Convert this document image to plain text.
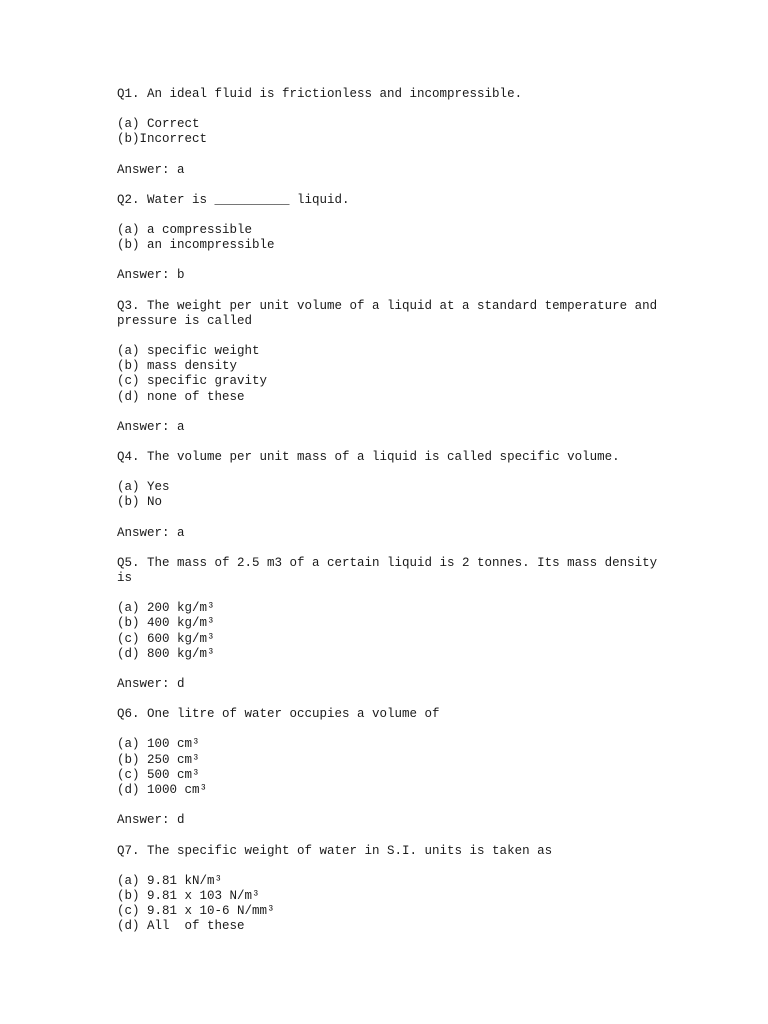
Q1. An ideal fluid is frictionless and incompressible.

(a) Correct

(b)Incorrect

Answer: a

Q2. Water is __________ liquid.

(a) a compressible

(b) an incompressible

Answer: b

Q3. The weight per unit volume of a liquid at a standard temperature and pressure is called

(a) specific weight

(b) mass density

(c) specific gravity

(d) none of these

Answer: a

Q4. The volume per unit mass of a liquid is called specific volume.

(a) Yes

(b) No

Answer: a

Q5. The mass of 2.5 m3 of a certain liquid is 2 tonnes. Its mass density is

(a) 200 kg/m³

(b) 400 kg/m³

(c) 600 kg/m³

(d) 800 kg/m³

Answer: d

Q6. One litre of water occupies a volume of

(a) 100 cm³

(b) 250 cm³

(c) 500 cm³

(d) 1000 cm³

Answer: d

Q7. The specific weight of water in S.I. units is taken as

(a) 9.81 kN/m³

(b) 9.81 x 103 N/m³

(c) 9.81 x 10-6 N/mm³

(d) All  of these
